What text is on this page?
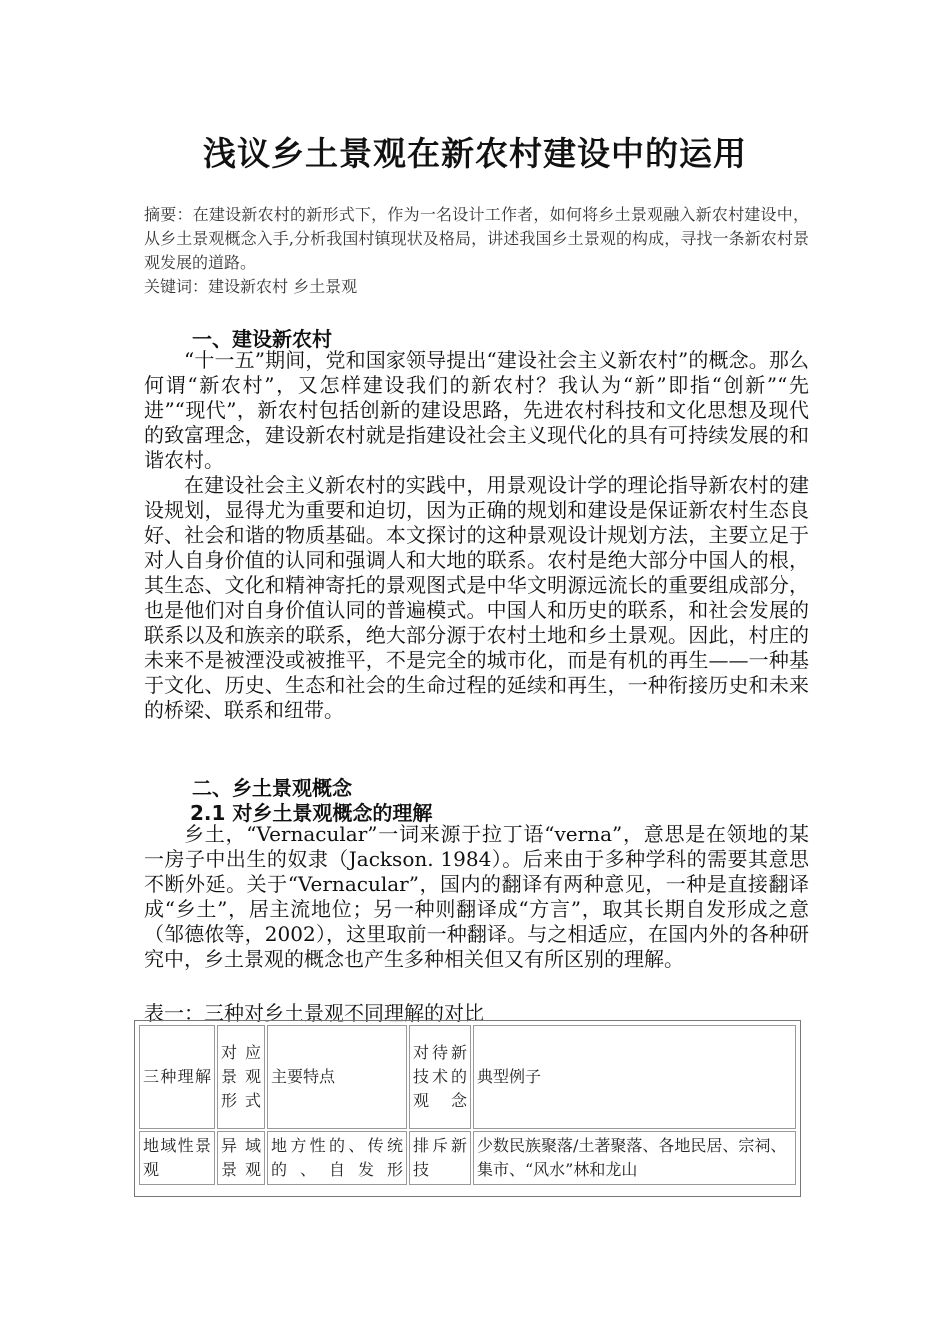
浅议乡土景观在新农村建设中的运用

摘要：在建设新农村的新形式下，作为一名设计工作者，如何将乡土景观融入新农村建设中，从乡土景观概念入手,分析我国村镇现状及格局，讲述我国乡土景观的构成，寻找一条新农村景观发展的道路。

关键词：建设新农村 乡土景观

一、建设新农村

“十一五”期间，党和国家领导提出“建设社会主义新农村”的概念。那么何谓“新农村”，又怎样建设我们的新农村？我认为“新”即指“创新”“先进”“现代”，新农村包括创新的建设思路，先进农村科技和文化思想及现代的致富理念，建设新农村就是指建设社会主义现代化的具有可持续发展的和谐农村。

在建设社会主义新农村的实践中，用景观设计学的理论指导新农村的建设规划，显得尤为重要和迫切，因为正确的规划和建设是保证新农村生态良好、社会和谐的物质基础。本文探讨的这种景观设计规划方法，主要立足于对人自身价值的认同和强调人和大地的联系。农村是绝大部分中国人的根，其生态、文化和精神寄托的景观图式是中华文明源远流长的重要组成部分，也是他们对自身价值认同的普遍模式。中国人和历史的联系，和社会发展的联系以及和族亲的联系，绝大部分源于农村土地和乡土景观。因此，村庄的未来不是被湮没或被推平，不是完全的城市化，而是有机的再生——一种基于文化、历史、生态和社会的生命过程的延续和再生，一种衔接历史和未来的桥梁、联系和纽带。

二、乡土景观概念
2.1 对乡土景观概念的理解

乡土，“Vernacular”一词来源于拉丁语“verna”，意思是在领地的某一房子中出生的奴隶（Jackson. 1984）。后来由于多种学科的需要其意思不断外延。关于“Vernacular”，国内的翻译有两种意见，一种是直接翻译成“乡土”，居主流地位；另一种则翻译成“方言”，取其长期自发形成之意（邹德侬等，2002），这里取前一种翻译。与之相适应，在国内外的各种研究中，乡土景观的概念也产生多种相关但又有所区别的理解。

表一：三种对乡土景观不同理解的对比
三种理解	对应景观形式	主要特点	对待新技术的观念	典型例子
地域性景观	异域景观	地方性的、传统的、自发形	排斥新技	少数民族聚落/土著聚落、各地民居、宗祠、集市、“风水”林和龙山
